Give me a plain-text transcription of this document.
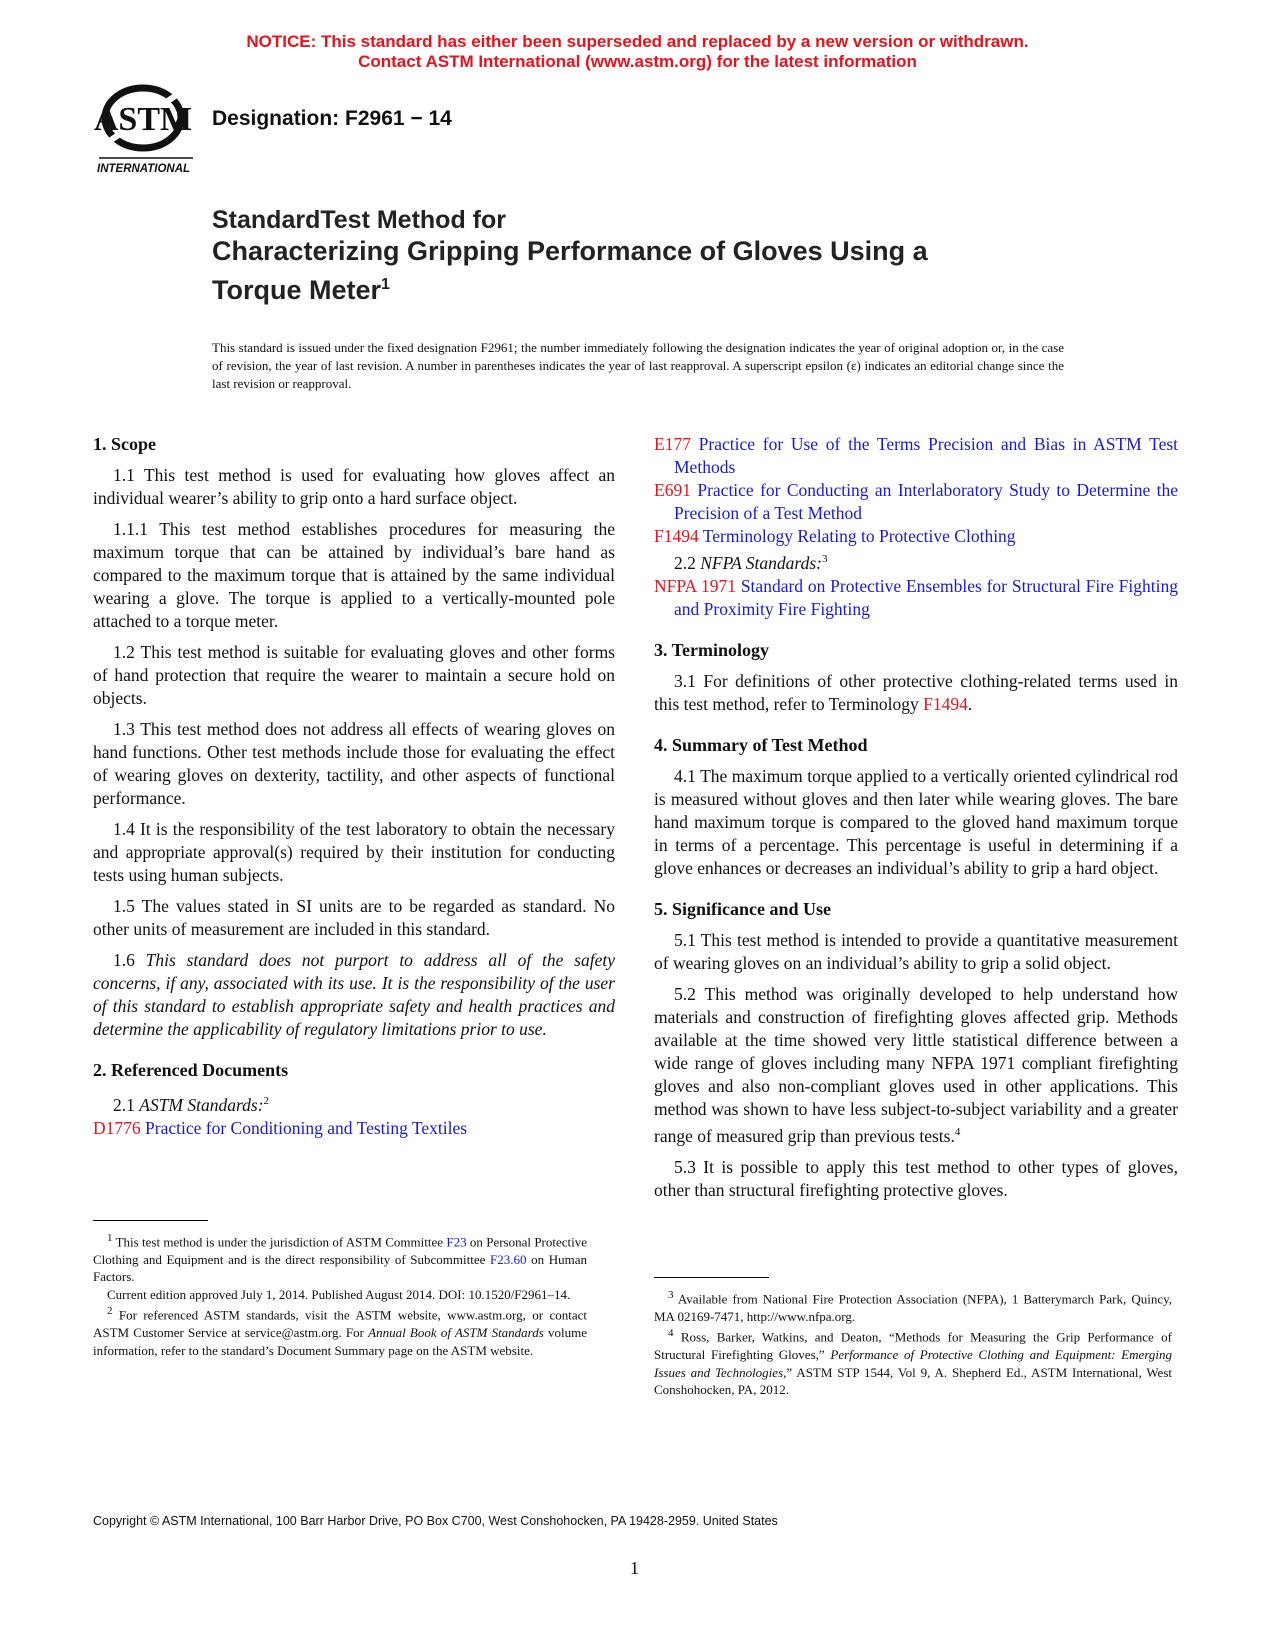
NOTICE: This standard has either been superseded and replaced by a new version or withdrawn.
Contact ASTM International (www.astm.org) for the latest information
ASTM
INTERNATIONAL
Designation: F2961 − 14
StandardTest Method for
Characterizing Gripping Performance of Gloves Using a Torque Meter$^1$
This standard is issued under the fixed designation F2961; the number immediately following the designation indicates the year of original adoption or, in the case of revision, the year of last revision. A number in parentheses indicates the year of last reapproval. A superscript epsilon (ε) indicates an editorial change since the last revision or reapproval.
1. Scope

1.1 This test method is used for evaluating how gloves affect an individual wearer’s ability to grip onto a hard surface object.

1.1.1 This test method establishes procedures for measuring the maximum torque that can be attained by individual’s bare hand as compared to the maximum torque that is attained by the same individual wearing a glove. The torque is applied to a vertically-mounted pole attached to a torque meter.

1.2 This test method is suitable for evaluating gloves and other forms of hand protection that require the wearer to maintain a secure hold on objects.

1.3 This test method does not address all effects of wearing gloves on hand functions. Other test methods include those for evaluating the effect of wearing gloves on dexterity, tactility, and other aspects of functional performance.

1.4 It is the responsibility of the test laboratory to obtain the necessary and appropriate approval(s) required by their institution for conducting tests using human subjects.

1.5 The values stated in SI units are to be regarded as standard. No other units of measurement are included in this standard.

1.6 This standard does not purport to address all of the safety concerns, if any, associated with its use. It is the responsibility of the user of this standard to establish appropriate safety and health practices and determine the applicability of regulatory limitations prior to use.

2. Referenced Documents

2.1 ASTM Standards:$^2$

D1776 Practice for Conditioning and Testing Textiles

$^1$ This test method is under the jurisdiction of ASTM Committee F23 on Personal Protective Clothing and Equipment and is the direct responsibility of Subcommittee F23.60 on Human Factors.

Current edition approved July 1, 2014. Published August 2014. DOI: 10.1520/F2961–14.

$^2$ For referenced ASTM standards, visit the ASTM website, www.astm.org, or contact ASTM Customer Service at service@astm.org. For Annual Book of ASTM Standards volume information, refer to the standard’s Document Summary page on the ASTM website.

E177 Practice for Use of the Terms Precision and Bias in ASTM Test Methods
E691 Practice for Conducting an Interlaboratory Study to Determine the Precision of a Test Method
F1494 Terminology Relating to Protective Clothing

2.2 NFPA Standards:$^3$

NFPA 1971 Standard on Protective Ensembles for Structural Fire Fighting and Proximity Fire Fighting
3. Terminology

3.1 For definitions of other protective clothing-related terms used in this test method, refer to Terminology F1494.

4. Summary of Test Method

4.1 The maximum torque applied to a vertically oriented cylindrical rod is measured without gloves and then later while wearing gloves. The bare hand maximum torque is compared to the gloved hand maximum torque in terms of a percentage. This percentage is useful in determining if a glove enhances or decreases an individual’s ability to grip a hard object.

5. Significance and Use

5.1 This test method is intended to provide a quantitative measurement of wearing gloves on an individual’s ability to grip a solid object.

5.2 This method was originally developed to help understand how materials and construction of firefighting gloves affected grip. Methods available at the time showed very little statistical difference between a wide range of gloves including many NFPA 1971 compliant firefighting gloves and also non-compliant gloves used in other applications. This method was shown to have less subject-to-subject variability and a greater range of measured grip than previous tests.$^4$

5.3 It is possible to apply this test method to other types of gloves, other than structural firefighting protective gloves.

$^3$ Available from National Fire Protection Association (NFPA), 1 Batterymarch Park, Quincy, MA 02169-7471, http://www.nfpa.org.

$^4$ Ross, Barker, Watkins, and Deaton, “Methods for Measuring the Grip Performance of Structural Firefighting Gloves,” Performance of Protective Clothing and Equipment: Emerging Issues and Technologies,” ASTM STP 1544, Vol 9, A. Shepherd Ed., ASTM International, West Conshohocken, PA, 2012.

Copyright © ASTM International, 100 Barr Harbor Drive, PO Box C700, West Conshohocken, PA 19428-2959. United States
1
